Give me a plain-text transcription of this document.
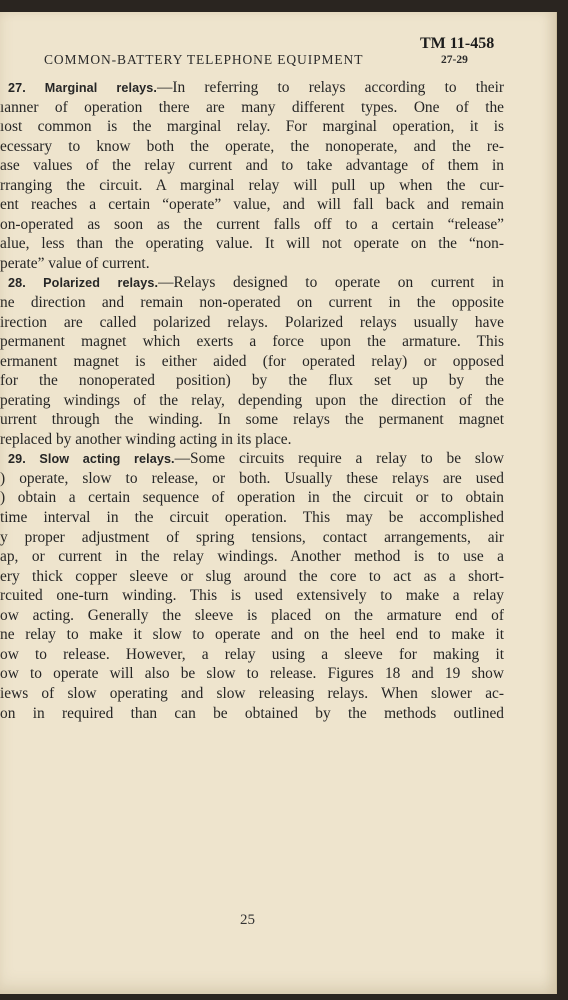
COMMON-BATTERY TELEPHONE EQUIPMENT
TM 11-458
27-29
27. Marginal relays.—In referring to relays according to their
ıanner of operation there are many different types. One of the
ıost common is the marginal relay. For marginal operation, it is
ecessary to know both the operate, the nonoperate, and the re-
ase values of the relay current and to take advantage of them in
rranging the circuit. A marginal relay will pull up when the cur-
ent reaches a certain “operate” value, and will fall back and remain
on-operated as soon as the current falls off to a certain “release”
alue, less than the operating value. It will not operate on the “non-
perate” value of current.
28. Polarized relays.—Relays designed to operate on current in
ne direction and remain non-operated on current in the opposite
irection are called polarized relays. Polarized relays usually have
permanent magnet which exerts a force upon the armature. This
ermanent magnet is either aided (for operated relay) or opposed
for the nonoperated position) by the flux set up by the
perating windings of the relay, depending upon the direction of the
urrent through the winding. In some relays the permanent magnet
replaced by another winding acting in its place.
29. Slow acting relays.—Some circuits require a relay to be slow
) operate, slow to release, or both. Usually these relays are used
) obtain a certain sequence of operation in the circuit or to obtain
time interval in the circuit operation. This may be accomplished
y proper adjustment of spring tensions, contact arrangements, air
ap, or current in the relay windings. Another method is to use a
ery thick copper sleeve or slug around the core to act as a short-
rcuited one-turn winding. This is used extensively to make a relay
ow acting. Generally the sleeve is placed on the armature end of
ne relay to make it slow to operate and on the heel end to make it
ow to release. However, a relay using a sleeve for making it
ow to operate will also be slow to release. Figures 18 and 19 show
iews of slow operating and slow releasing relays. When slower ac-
on in required than can be obtained by the methods outlined
25
